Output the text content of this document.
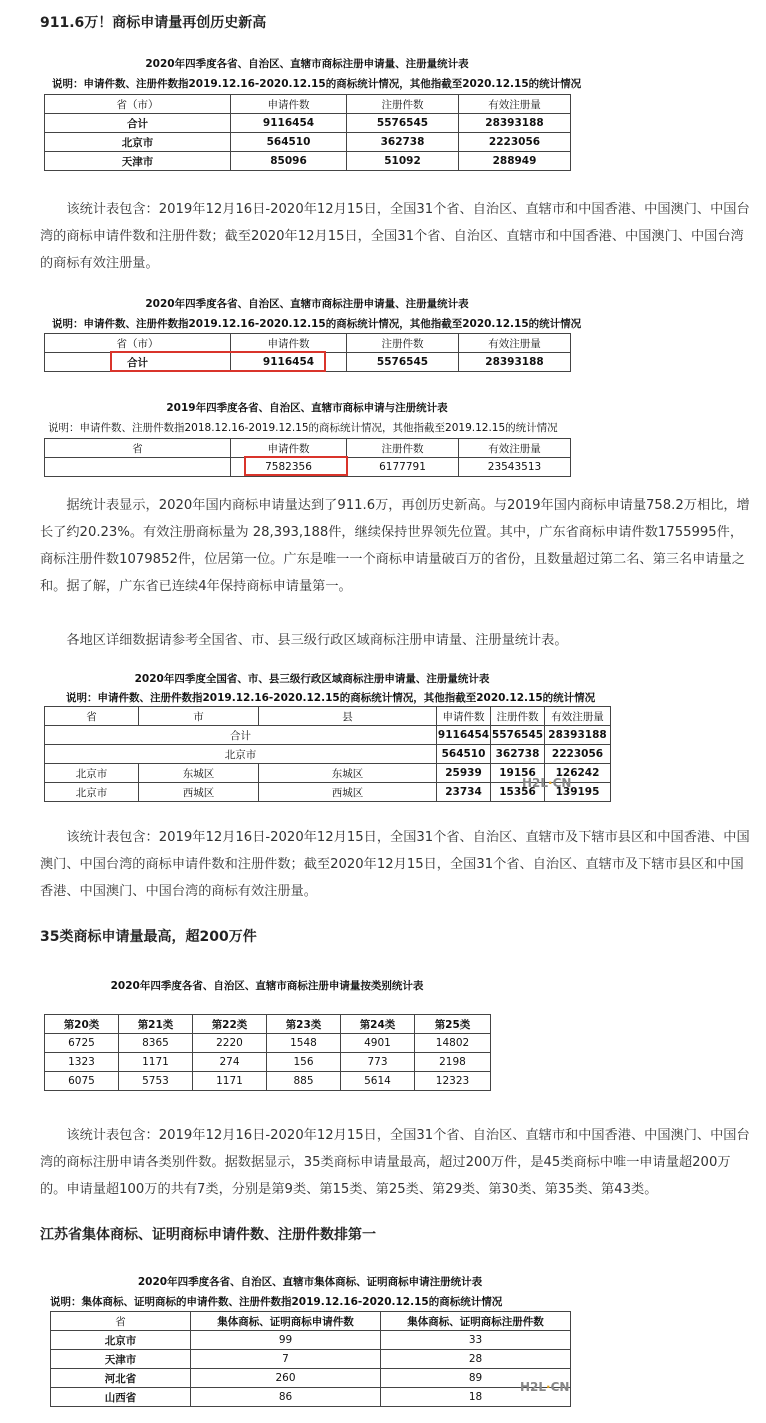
911.6万！商标申请量再创历史新高
2020年四季度各省、自治区、直辖市商标注册申请量、注册量统计表
说明：申请件数、注册件数指2019.12.16-2020.12.15的商标统计情况，其他指截至2020.12.15的统计情况
省（市）	申请件数	注册件数	有效注册量
合计	9116454	5576545	28393188
北京市	564510	362738	2223056
天津市	85096	51092	288949

该统计表包含：2019年12月16日-2020年12月15日，全国31个省、自治区、直辖市和中国香港、中国澳门、中国台湾的商标申请件数和注册件数；截至2020年12月15日，全国31个省、自治区、直辖市和中国香港、中国澳门、中国台湾的商标有效注册量。

2020年四季度各省、自治区、直辖市商标注册申请量、注册量统计表
说明：申请件数、注册件数指2019.12.16-2020.12.15的商标统计情况，其他指截至2020.12.15的统计情况
省（市）	申请件数	注册件数	有效注册量
合计	9116454	5576545	28393188
2019年四季度各省、自治区、直辖市商标申请与注册统计表
说明：申请件数、注册件数指2018.12.16-2019.12.15的商标统计情况，其他指截至2019.12.15的统计情况
省	申请件数	注册件数	有效注册量
	7582356	6177791	23543513

据统计表显示，2020年国内商标申请量达到了911.6万，再创历史新高。与2019年国内商标申请量758.2万相比，增长了约20.23%。有效注册商标量为 28,393,188件，继续保持世界领先位置。其中，广东省商标申请件数1755995件，商标注册件数1079852件，位居第一位。广东是唯一一个商标申请量破百万的省份，且数量超过第二名、第三名申请量之和。据了解，广东省已连续4年保持商标申请量第一。

各地区详细数据请参考全国省、市、县三级行政区域商标注册申请量、注册量统计表。

2020年四季度全国省、市、县三级行政区域商标注册申请量、注册量统计表
说明：申请件数、注册件数指2019.12.16-2020.12.15的商标统计情况，其他指截至2020.12.15的统计情况
省	市	县	申请件数	注册件数	有效注册量
合计			9116454	5576545	28393188
北京市			564510	362738	2223056
北京市	东城区	东城区	25939	19156	126242
北京市	西城区	西城区	23734	15356	139195
H2L·CN

该统计表包含：2019年12月16日-2020年12月15日，全国31个省、自治区、直辖市及下辖市县区和中国香港、中国澳门、中国台湾的商标申请件数和注册件数；截至2020年12月15日，全国31个省、自治区、直辖市及下辖市县区和中国香港、中国澳门、中国台湾的商标有效注册量。

35类商标申请量最高，超200万件
2020年四季度各省、自治区、直辖市商标注册申请量按类别统计表
第20类	第21类	第22类	第23类	第24类	第25类
6725	8365	2220	1548	4901	14802
1323	1171	274	156	773	2198
6075	5753	1171	885	5614	12323

该统计表包含：2019年12月16日-2020年12月15日，全国31个省、自治区、直辖市和中国香港、中国澳门、中国台湾的商标注册申请各类别件数。据数据显示，35类商标申请量最高，超过200万件，是45类商标中唯一申请量超200万的。申请量超100万的共有7类，分别是第9类、第15类、第25类、第29类、第30类、第35类、第43类。

江苏省集体商标、证明商标申请件数、注册件数排第一
2020年四季度各省、自治区、直辖市集体商标、证明商标申请注册统计表
说明：集体商标、证明商标的申请件数、注册件数指2019.12.16-2020.12.15的商标统计情况
省	集体商标、证明商标申请件数	集体商标、证明商标注册件数
北京市	99	33
天津市	7	28
河北省	260	89
山西省	86	18
H2L·CN
